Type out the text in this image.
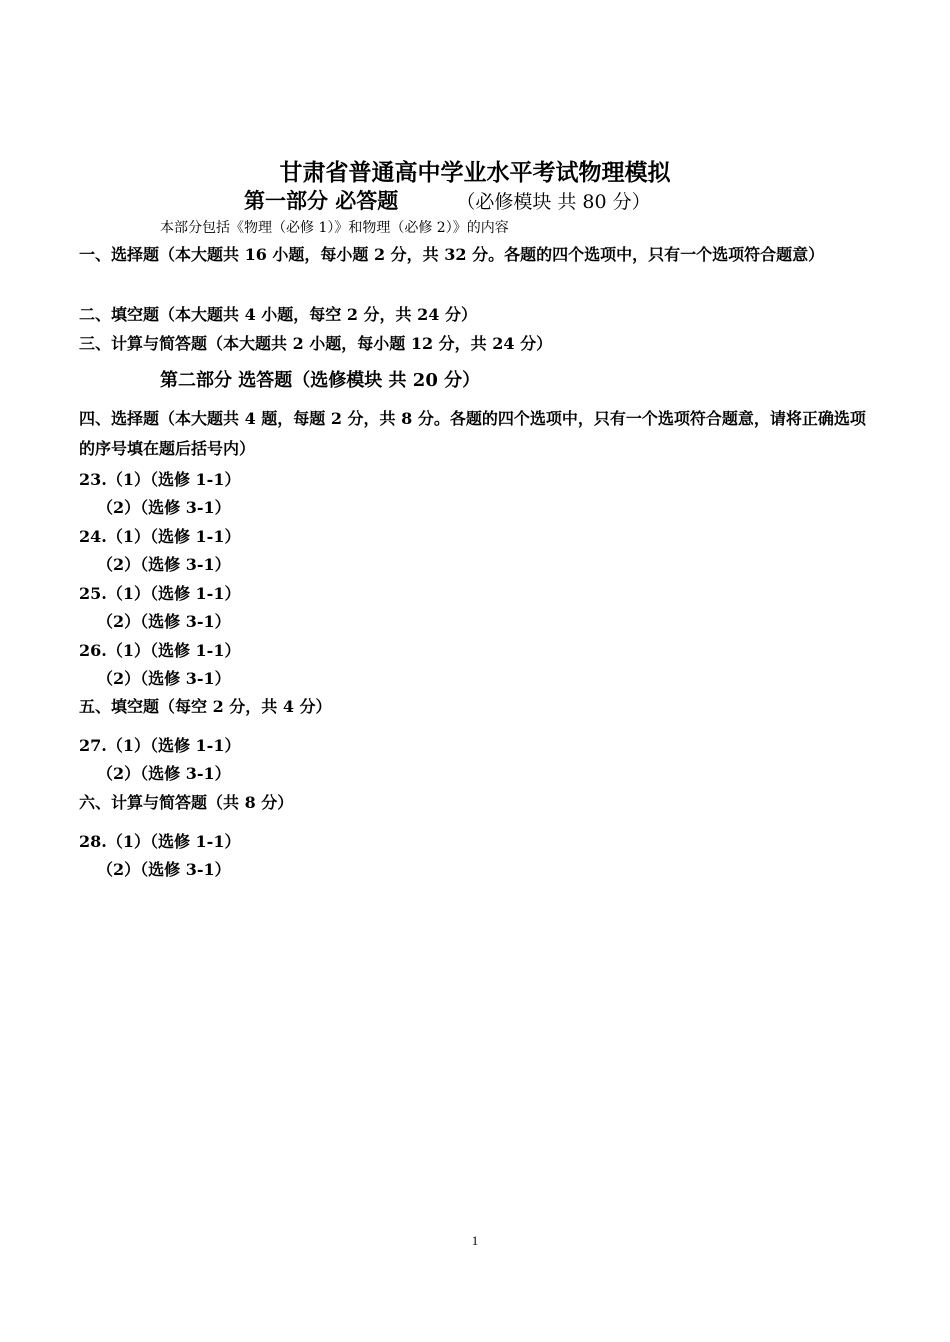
甘肃省普通高中学业水平考试物理模拟
第一部分 必答题	（必修模块 共 80 分）
本部分包括《物理（必修 1）》和物理（必修 2）》的内容
一、选择题（本大题共 16 小题，每小题 2 分，共 32 分。各题的四个选项中，只有一个选项符合题意）
二、填空题（本大题共 4 小题，每空 2 分，共 24 分）
三、计算与简答题（本大题共 2 小题，每小题 12 分，共 24 分）
第二部分 选答题（选修模块 共 20 分）
四、选择题（本大题共 4 题，每题 2 分，共 8 分。各题的四个选项中，只有一个选项符合题意，请将正确选项的序号填在题后括号内）
23.（1）（选修 1-1）
（2）（选修 3-1）
24.（1）（选修 1-1）
（2）（选修 3-1）
25.（1）（选修 1-1）
（2）（选修 3-1）
26.（1）（选修 1-1）
（2）（选修 3-1）
五、填空题（每空 2 分，共 4 分）
27.（1）（选修 1-1）
（2）（选修 3-1）
六、计算与简答题（共 8 分）
28.（1）（选修 1-1）
（2）（选修 3-1）
1
